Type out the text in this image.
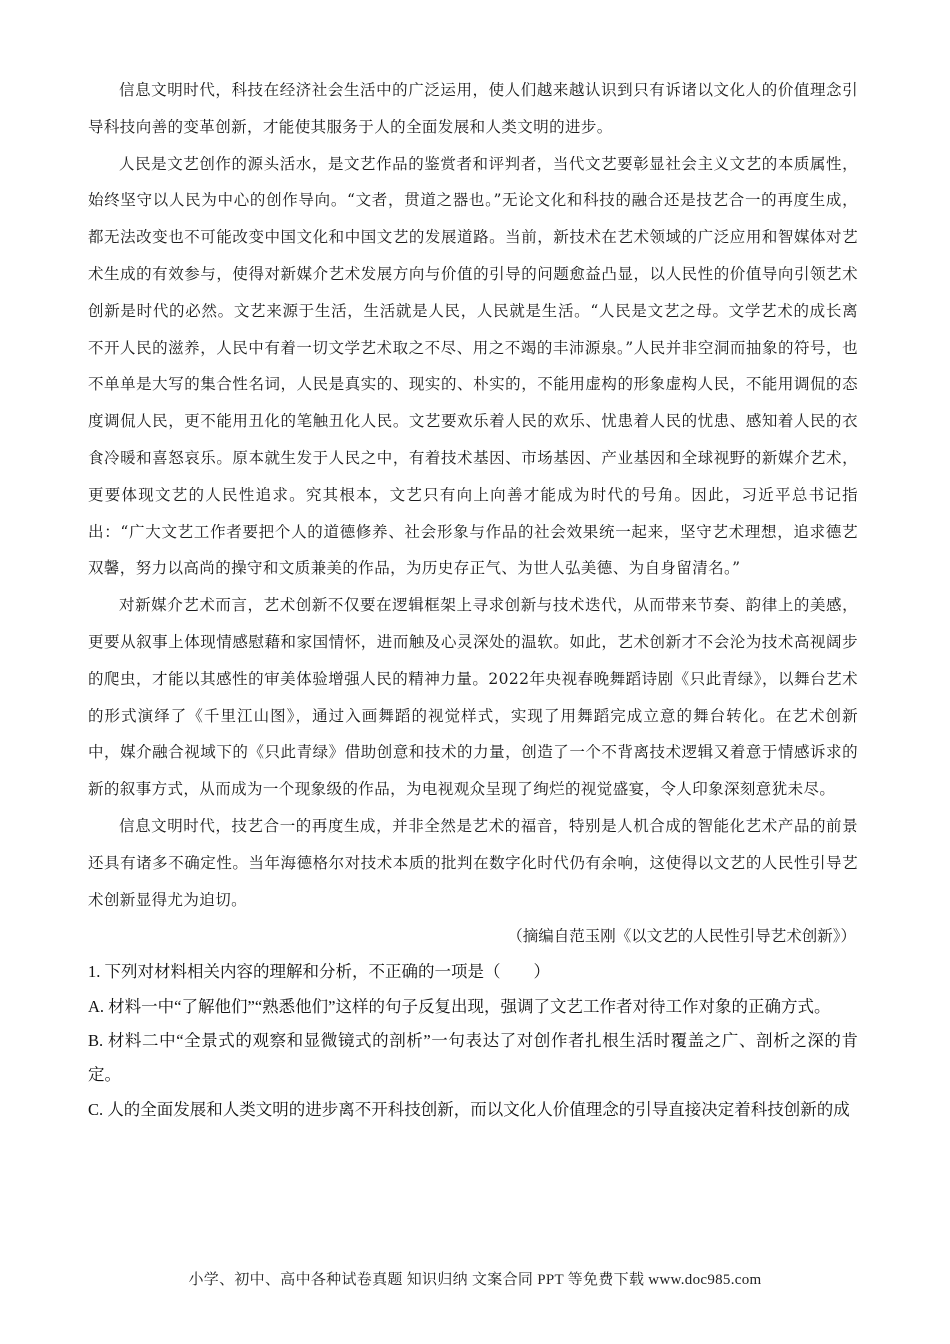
信息文明时代，科技在经济社会生活中的广泛运用，使人们越来越认识到只有诉诸以文化人的价值理念引导科技向善的变革创新，才能使其服务于人的全面发展和人类文明的进步。

人民是文艺创作的源头活水，是文艺作品的鉴赏者和评判者，当代文艺要彰显社会主义文艺的本质属性，始终坚守以人民为中心的创作导向。“文者，贯道之器也。”无论文化和科技的融合还是技艺合一的再度生成，都无法改变也不可能改变中国文化和中国文艺的发展道路。当前，新技术在艺术领域的广泛应用和智媒体对艺术生成的有效参与，使得对新媒介艺术发展方向与价值的引导的问题愈益凸显，以人民性的价值导向引领艺术创新是时代的必然。文艺来源于生活，生活就是人民，人民就是生活。“人民是文艺之母。文学艺术的成长离不开人民的滋养，人民中有着一切文学艺术取之不尽、用之不竭的丰沛源泉。”人民并非空洞而抽象的符号，也不单单是大写的集合性名词，人民是真实的、现实的、朴实的，不能用虚构的形象虚构人民，不能用调侃的态度调侃人民，更不能用丑化的笔触丑化人民。文艺要欢乐着人民的欢乐、忧患着人民的忧患、感知着人民的衣食冷暖和喜怒哀乐。原本就生发于人民之中，有着技术基因、市场基因、产业基因和全球视野的新媒介艺术，更要体现文艺的人民性追求。究其根本，文艺只有向上向善才能成为时代的号角。因此，习近平总书记指出：“广大文艺工作者要把个人的道德修养、社会形象与作品的社会效果统一起来，坚守艺术理想，追求德艺双馨，努力以高尚的操守和文质兼美的作品，为历史存正气、为世人弘美德、为自身留清名。”

对新媒介艺术而言，艺术创新不仅要在逻辑框架上寻求创新与技术迭代，从而带来节奏、韵律上的美感，更要从叙事上体现情感慰藉和家国情怀，进而触及心灵深处的温软。如此，艺术创新才不会沦为技术高视阔步的爬虫，才能以其感性的审美体验增强人民的精神力量。2022年央视春晚舞蹈诗剧《只此青绿》，以舞台艺术的形式演绎了《千里江山图》，通过入画舞蹈的视觉样式，实现了用舞蹈完成立意的舞台转化。在艺术创新中，媒介融合视域下的《只此青绿》借助创意和技术的力量，创造了一个不背离技术逻辑又着意于情感诉求的新的叙事方式，从而成为一个现象级的作品，为电视观众呈现了绚烂的视觉盛宴，令人印象深刻意犹未尽。

信息文明时代，技艺合一的再度生成，并非全然是艺术的福音，特别是人机合成的智能化艺术产品的前景还具有诸多不确定性。当年海德格尔对技术本质的批判在数字化时代仍有余响，这使得以文艺的人民性引导艺术创新显得尤为迫切。

（摘编自范玉刚《以文艺的人民性引导艺术创新》）

1. 下列对材料相关内容的理解和分析，不正确的一项是（　　）

A. 材料一中“了解他们”“熟悉他们”这样的句子反复出现，强调了文艺工作者对待工作对象的正确方式。

B. 材料二中“全景式的观察和显微镜式的剖析”一句表达了对创作者扎根生活时覆盖之广、剖析之深的肯定。

C. 人的全面发展和人类文明的进步离不开科技创新，而以文化人价值理念的引导直接决定着科技创新的成

小学、初中、高中各种试卷真题 知识归纳 文案合同 PPT 等免费下载 www.doc985.com
